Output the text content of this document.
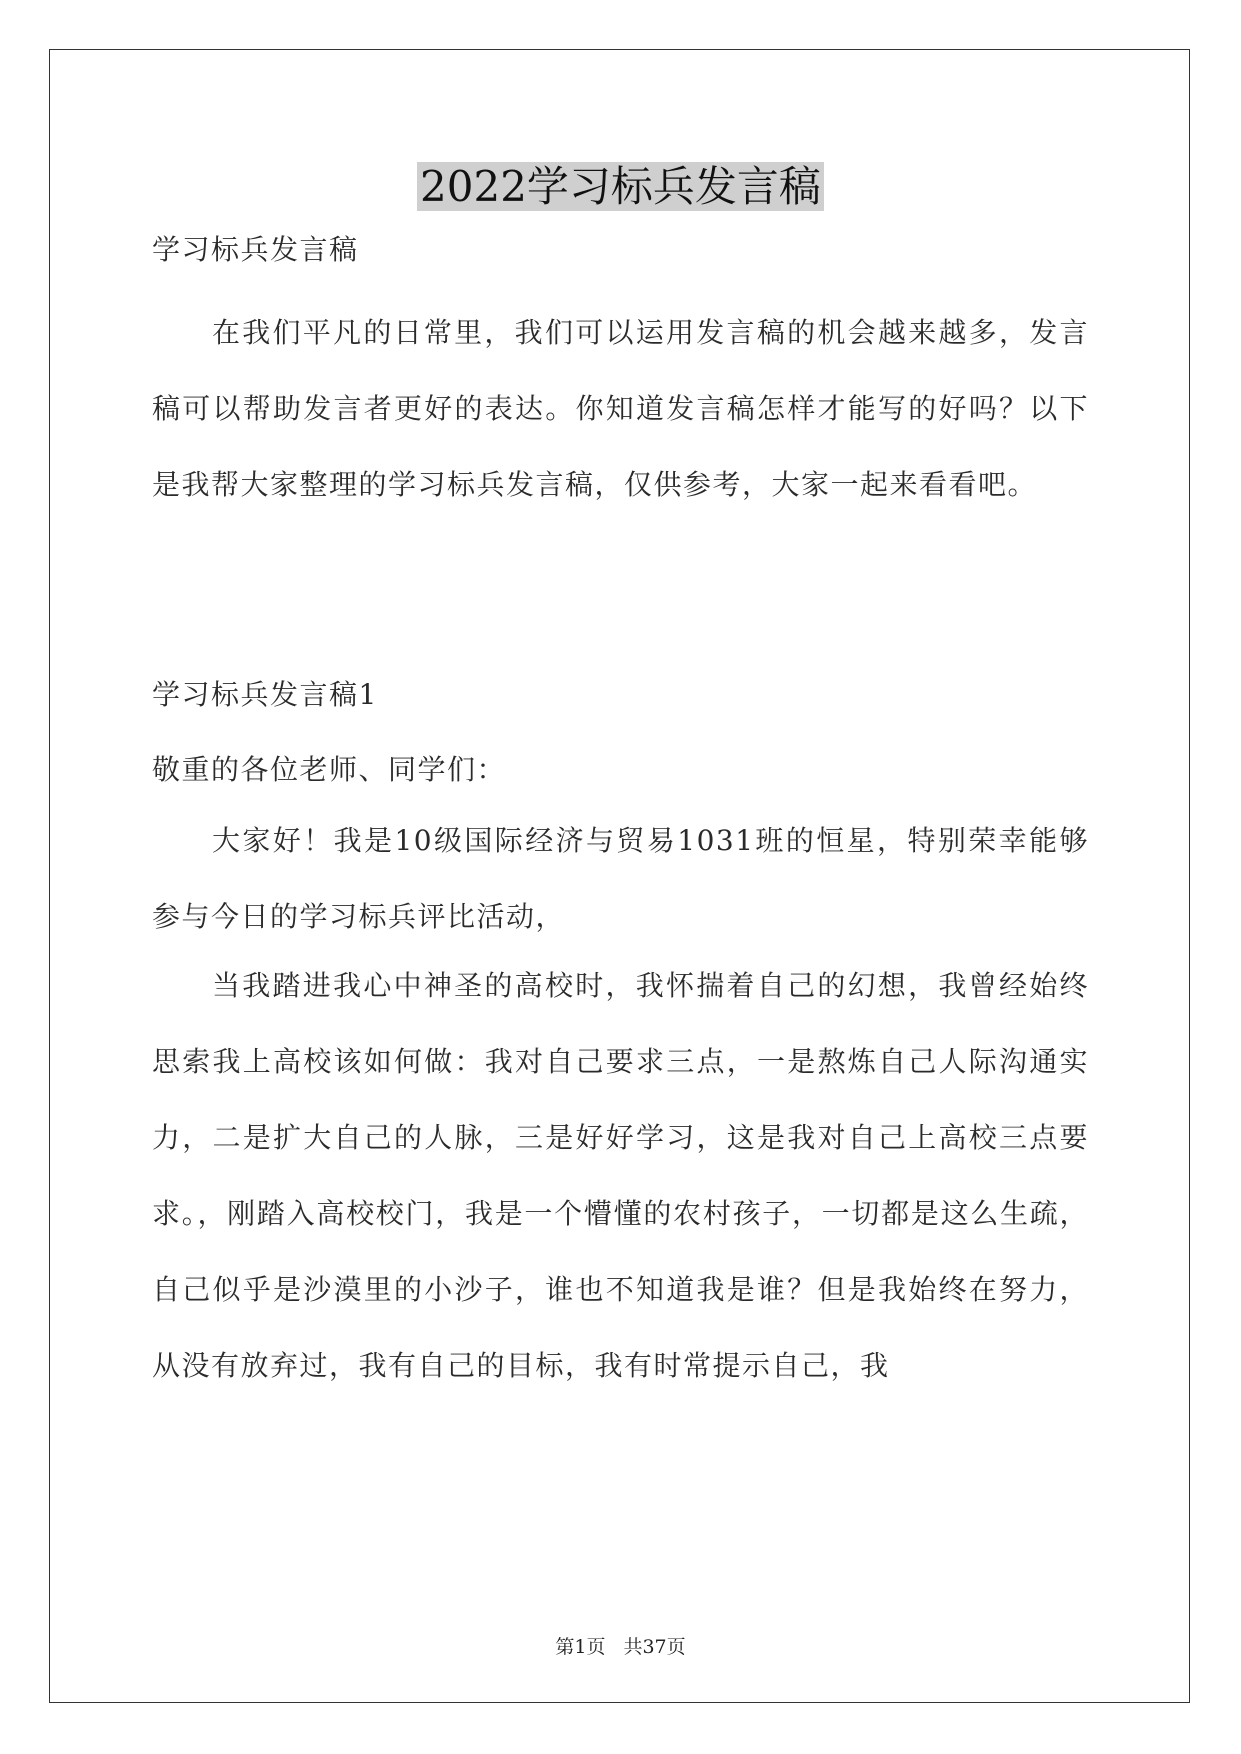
2022学习标兵发言稿

学习标兵发言稿

在我们平凡的日常里，我们可以运用发言稿的机会越来越多，发言稿可以帮助发言者更好的表达。你知道发言稿怎样才能写的好吗？以下是我帮大家整理的学习标兵发言稿，仅供参考，大家一起来看看吧。

学习标兵发言稿1

敬重的各位老师、同学们：

大家好！我是10级国际经济与贸易1031班的恒星，特别荣幸能够参与今日的学习标兵评比活动，

当我踏进我心中神圣的高校时，我怀揣着自己的幻想，我曾经始终思索我上高校该如何做：我对自己要求三点，一是熬炼自己人际沟通实力，二是扩大自己的人脉，三是好好学习，这是我对自己上高校三点要求。，刚踏入高校校门，我是一个懵懂的农村孩子，一切都是这么生疏，自己似乎是沙漠里的小沙子，谁也不知道我是谁？但是我始终在努力，从没有放弃过，我有自己的目标，我有时常提示自己，我

第1页 共37页
